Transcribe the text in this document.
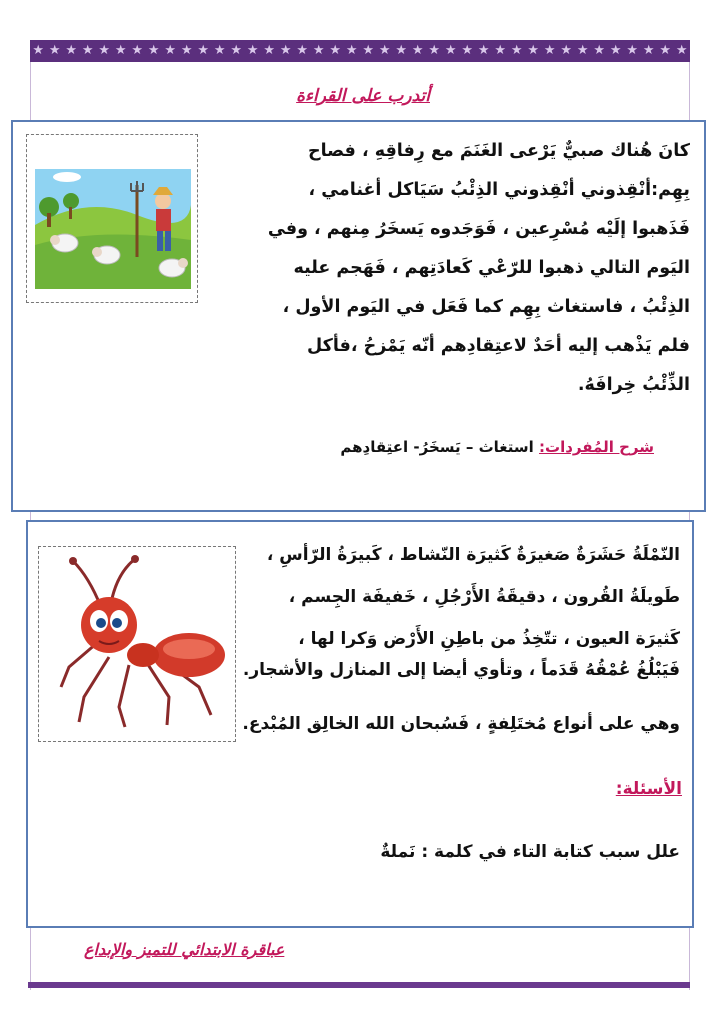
★ ★ ★ ★ ★ ★ ★ ★ ★ ★ ★ ★ ★ ★ ★ ★ ★ ★ ★ ★ ★ ★ ★ ★ ★ ★ ★ ★ ★ ★ ★ ★ ★ ★ ★ ★ ★ ★ ★ ★
أتدرب على القراءة
كانَ هُناك صبيٌّ يَرْعى الغَنَمَ مع رِفاقِهِ ، فصاح
بِهِم:أنْقِذوني أنْقِذوني الذِئْبُ سَيَاكل أغنامي ،
فَذَهبوا إلَيْه مُسْرِعين ، فَوَجَدوه يَسخَرُ مِنهم ، وفي
اليَوم التالي ذهبوا للرّعْي كَعادَتِهم ، فَهَجم عليه
الذِئْبُ ، فاستغاث بِهِم كما فَعَل في اليَوم الأول ،
فلم يَذْهب إليه أحَدٌ لاعتِقادِهم أنّه يَمْزحُ ،فأكل
الذِّئْبُ خِرافَهُ.
شرح المُفردات: استغاث – يَسخَرُ- اعتِقادِهم
النّمْلَةُ حَشَرَةٌ صَغيرَةٌ كَثيرَة النّشاط ، كَبيرَةُ الرّأسِ ،
طَويلَةُ القُرون ، دقيقَةُ الأَرْجُلِ ، خَفيفَة الجِسم ،
كَثيرَة العيون ، تتّخِذُ من باطِنِ الأَرْض وَكرا لها ،
فَيَبْلُغُ عُمْقُهُ قَدَماً ، وتأوي أيضا إلى المنازل والأشجار.
وهي على أنواع مُختَلِفةٍ ، فَسُبحان الله الخالِق المُبْدع.
الأسئلة:
علل سبب كتابة التاء في كلمة : نَملةٌ
عباقرة الابتدائي للتميز والإبداع
